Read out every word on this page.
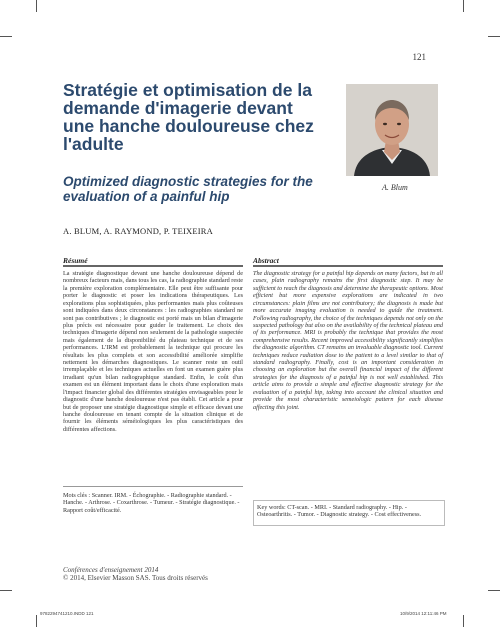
121
Stratégie et optimisation de la demande d'imagerie devant une hanche douloureuse chez l'adulte
Optimized diagnostic strategies for the evaluation of a painful hip
A. Blum
A. BLUM, A. RAYMOND, P. TEIXEIRA
Résumé

La stratégie diagnostique devant une hanche douloureuse dépend de nombreux facteurs mais, dans tous les cas, la radiographie standard reste la première exploration complémentaire. Elle peut être suffisante pour porter le diagnostic et poser les indications thérapeutiques. Les explorations plus sophistiquées, plus performantes mais plus coûteuses sont indiquées dans deux circonstances : les radiographies standard ne sont pas contributives ; le diagnostic est porté mais un bilan d'imagerie plus précis est nécessaire pour guider le traitement. Le choix des techniques d'imagerie dépend non seulement de la pathologie suspectée mais également de la disponibilité du plateau technique et de ses performances. L'IRM est probablement la technique qui procure les résultats les plus complets et son accessibilité améliorée simplifie nettement les démarches diagnostiques. Le scanner reste un outil irremplaçable et les techniques actuelles en font un examen guère plus irradiant qu'un bilan radiographique standard. Enfin, le coût d'un examen est un élément important dans le choix d'une exploration mais l'impact financier global des différentes stratégies envisageables pour le diagnostic d'une hanche douloureuse n'est pas établi. Cet article a pour but de proposer une stratégie diagnostique simple et efficace devant une hanche douloureuse en tenant compte de la situation clinique et de fournir les éléments séméiologiques les plus caractéristiques des différentes affections.

Mots clés : Scanner. IRM. - Échographie. - Radiographie standard. - Hanche. - Arthrose. - Coxarthrose. - Tumeur. - Stratégie diagnostique. - Rapport coût/efficacité.

Abstract

The diagnostic strategy for a painful hip depends on many factors, but in all cases, plain radiography remains the first diagnostic step. It may be sufficient to reach the diagnosis and determine the therapeutic options. Most efficient but more expensive explorations are indicated in two circumstances: plain films are not contributory; the diagnosis is made but more accurate imaging evaluation is needed to guide the treatment. Following radiography, the choice of the techniques depends not only on the suspected pathology but also on the availability of the technical plateau and of its performance. MRI is probably the technique that provides the most comprehensive results. Recent improved accessibility significantly simplifies the diagnostic algorithm. CT remains an invaluable diagnostic tool. Current techniques reduce radiation dose to the patient to a level similar to that of standard radiography. Finally, cost is an important consideration in choosing an exploration but the overall financial impact of the different strategies for the diagnosis of a painful hip is not well established. This article aims to provide a simple and effective diagnostic strategy for the evaluation of a painful hip, taking into account the clinical situation and provide the most characteristic semeiologic pattern for each disease affecting this joint.

Key words: CT-scan. - MRI. - Standard radiography. - Hip. - Osteoarthritis. - Tumor. - Diagnostic strategy. - Cost effectiveness.

Conférences d'enseignement 2014
© 2014, Elsevier Masson SAS. Tous droits réservés

9782294741210.INDD 121	10/9/2014 12:11:46 PM
